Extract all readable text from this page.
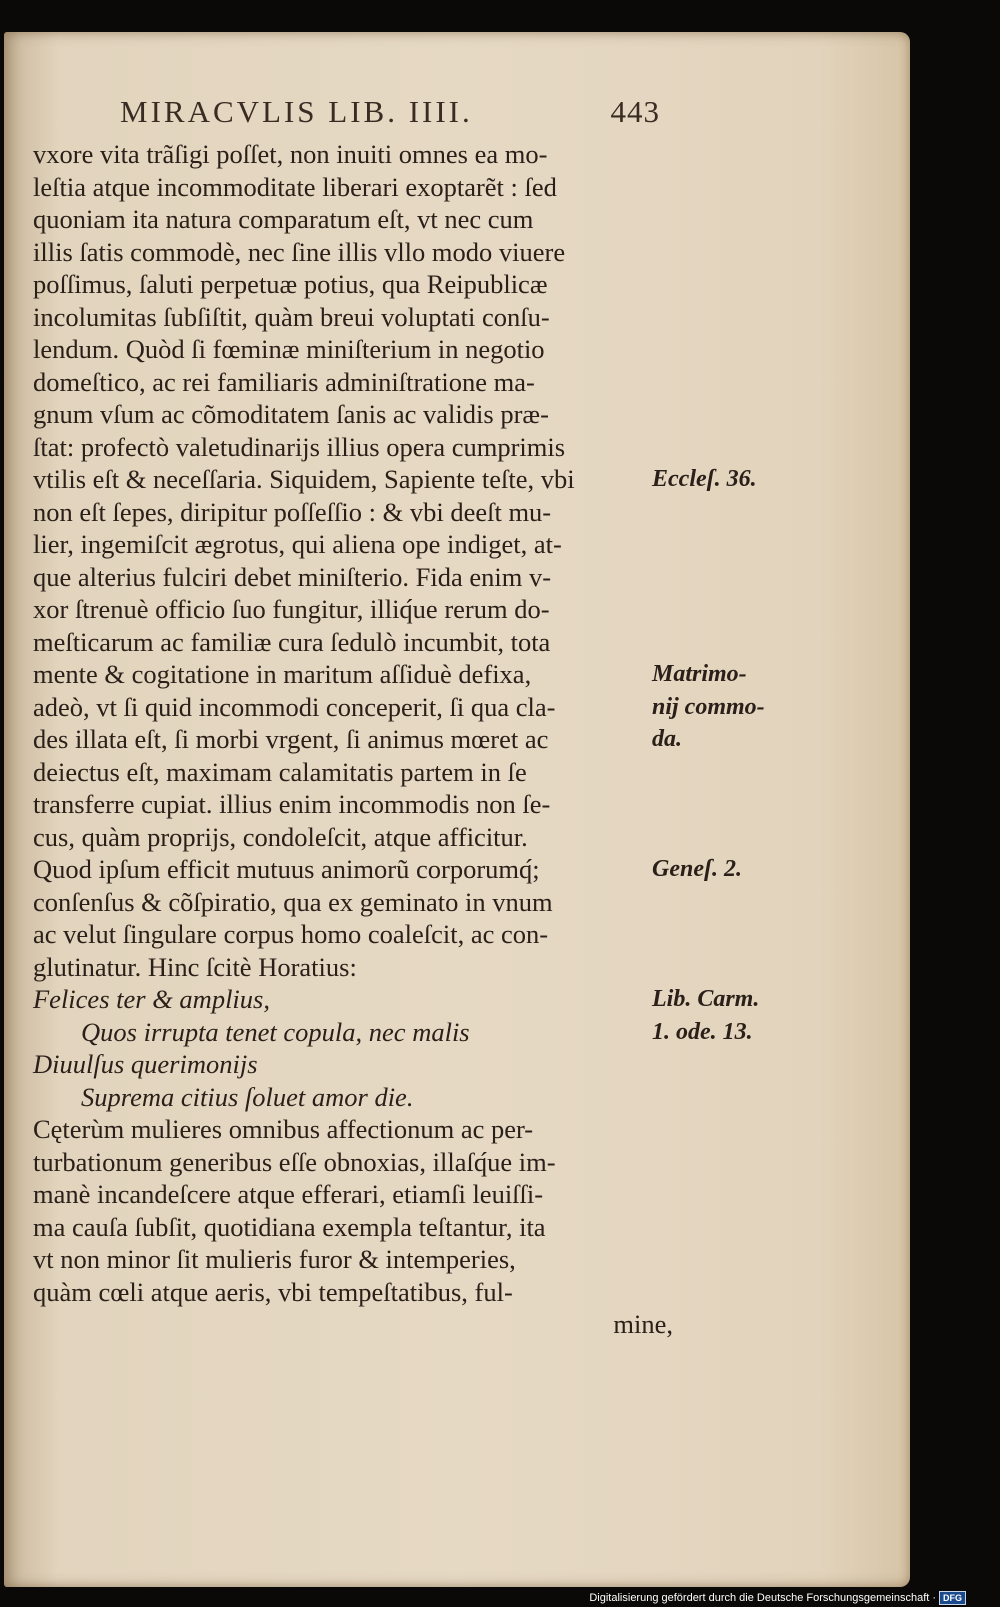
MIRACVLIS LIB. IIII.	443
vxore vita trãſigi poſſet, non inuiti omnes ea mo-
leſtia atque incommoditate liberari exoptarẽt : ſed
quoniam ita natura comparatum eſt, vt nec cum
illis ſatis commodè, nec ſine illis vllo modo viuere
poſſimus, ſaluti perpetuæ potius, qua Reipublicæ
incolumitas ſubſiſtit, quàm breui voluptati conſu-
lendum. Quòd ſi fœminæ miniſterium in negotio
domeſtico, ac rei familiaris adminiſtratione ma-
gnum vſum ac cõmoditatem ſanis ac validis præ-
ſtat: profectò valetudinarijs illius opera cumprimis
vtilis eſt & neceſſaria. Siquidem, Sapiente teſte, vbi
non eſt ſepes, diripitur poſſeſſio : & vbi deeſt mu-
lier, ingemiſcit ægrotus, qui aliena ope indiget, at-
que alterius fulciri debet miniſterio. Fida enim v-
xor ſtrenuè officio ſuo fungitur, illiq́ue rerum do-
meſticarum ac familiæ cura ſedulò incumbit, tota
mente & cogitatione in maritum aſſiduè defixa,
adeò, vt ſi quid incommodi conceperit, ſi qua cla-
des illata eſt, ſi morbi vrgent, ſi animus mœret ac
deiectus eſt, maximam calamitatis partem in ſe
transferre cupiat. illius enim incommodis non ſe-
cus, quàm proprijs, condoleſcit, atque afficitur.
Quod ipſum efficit mutuus animorũ corporumq́;
conſenſus & cõſpiratio, qua ex geminato in vnum
ac velut ſingulare corpus homo coaleſcit, ac con-
glutinatur. Hinc ſcitè Horatius:
Felices ter & amplius,
Quos irrupta tenet copula, nec malis
Diuulſus querimonijs
Suprema citius ſoluet amor die.
Cęterùm mulieres omnibus affectionum ac per-
turbationum generibus eſſe obnoxias, illaſq́ue im-
manè incandeſcere atque efferari, etiamſi leuiſſi-
ma cauſa ſubſit, quotidiana exempla teſtantur, ita
vt non minor ſit mulieris furor & intemperies,
quàm cœli atque aeris, vbi tempeſtatibus, ful-
mine,
Eccleſ. 36.
Matrimo-
nij commo-
da.
Geneſ. 2.
Lib. Carm.
1. ode. 13.
Digitalisierung gefördert durch die Deutsche Forschungsgemeinschaft · DFG
